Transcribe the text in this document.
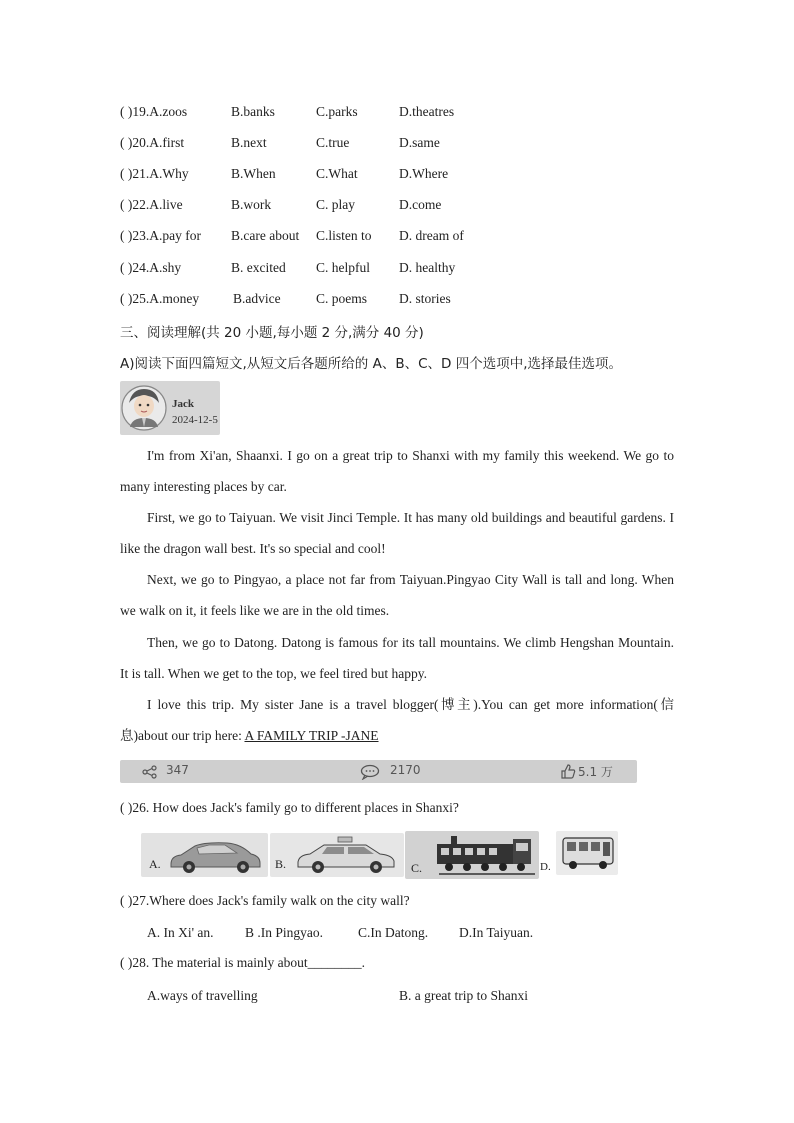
( )19.A.zoos	B.banks	C.parks	D.theatres
( )20.A.first	B.next	C.true	D.same
( )21.A.Why	B.When	C.What	D.Where
( )22.A.live	B.work	C. play	D.come
( )23.A.pay for B.care about C.listen to D. dream of
( )24.A.shy	B. excited C. helpful D. healthy
( )25.A.money	B.advice	C. poems D. stories
三、阅读理解(共 20 小题,每小题 2 分,满分 40 分)
A)阅读下面四篇短文,从短文后各题所给的 A、B、C、D 四个选项中,选择最佳选项。
Jack
2024-12-5
I'm from Xi'an, Shaanxi. I go on a great trip to Shanxi with my family this weekend. We go to many interesting places by car.
First, we go to Taiyuan. We visit Jinci Temple. It has many old buildings and beautiful gardens. I like the dragon wall best. It's so special and cool!
Next, we go to Pingyao, a place not far from Taiyuan.Pingyao City Wall is tall and long. When we walk on it, it feels like we are in the old times.
Then, we go to Datong. Datong is famous for its tall mountains. We climb Hengshan Mountain. It is tall. When we get to the top, we feel tired but happy.
I love this trip. My sister Jane is a travel blogger(博主).You can get more information(信息)about our trip here: A FAMILY TRIP -JANE
347	2170	5.1 万
( )26. How does Jack's family go to different places in Shanxi?
A.	B.	C.	D.
( )27.Where does Jack's family walk on the city wall?
A. In Xi' an. B .In Pingyao.	C.In Datong. D.In Taiyuan.
( )28. The material is mainly about________.
A.ways of travelling	B. a great trip to Shanxi
